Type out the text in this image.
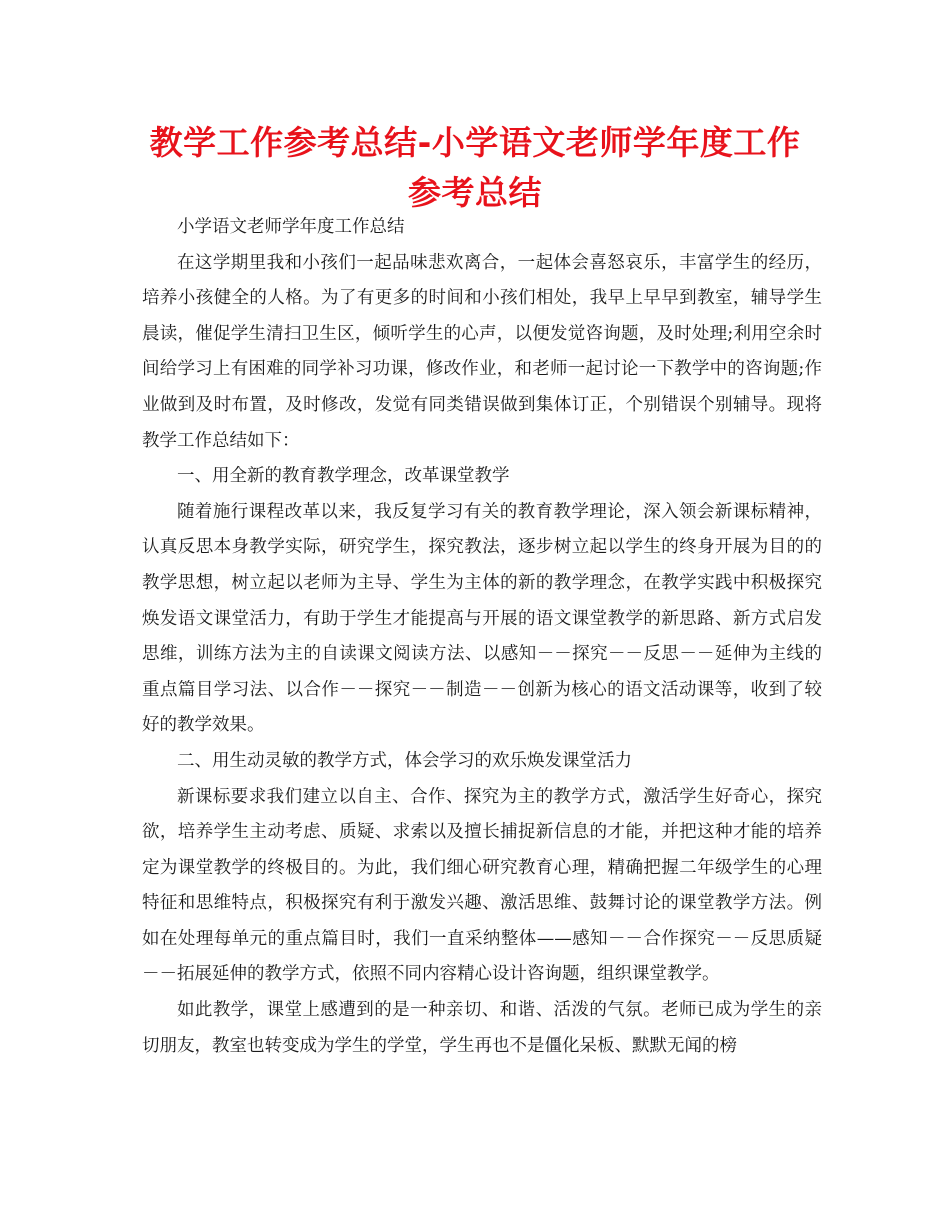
教学工作参考总结-小学语文老师学年度工作参考总结

小学语文老师学年度工作总结

在这学期里我和小孩们一起品味悲欢离合，一起体会喜怒哀乐，丰富学生的经历，培养小孩健全的人格。为了有更多的时间和小孩们相处，我早上早早到教室，辅导学生晨读，催促学生清扫卫生区，倾听学生的心声，以便发觉咨询题，及时处理;利用空余时间给学习上有困难的同学补习功课，修改作业，和老师一起讨论一下教学中的咨询题;作业做到及时布置，及时修改，发觉有同类错误做到集体订正，个别错误个别辅导。现将教学工作总结如下：

一、用全新的教育教学理念，改革课堂教学

随着施行课程改革以来，我反复学习有关的教育教学理论，深入领会新课标精神，认真反思本身教学实际，研究学生，探究教法，逐步树立起以学生的终身开展为目的的教学思想，树立起以老师为主导、学生为主体的新的教学理念，在教学实践中积极探究焕发语文课堂活力，有助于学生才能提高与开展的语文课堂教学的新思路、新方式启发思维，训练方法为主的自读课文阅读方法、以感知－－探究－－反思－－延伸为主线的重点篇目学习法、以合作－－探究－－制造－－创新为核心的语文活动课等，收到了较好的教学效果。

二、用生动灵敏的教学方式，体会学习的欢乐焕发课堂活力

新课标要求我们建立以自主、合作、探究为主的教学方式，激活学生好奇心，探究欲，培养学生主动考虑、质疑、求索以及擅长捕捉新信息的才能，并把这种才能的培养定为课堂教学的终极目的。为此，我们细心研究教育心理，精确把握二年级学生的心理特征和思维特点，积极探究有利于激发兴趣、激活思维、鼓舞讨论的课堂教学方法。例如在处理每单元的重点篇目时，我们一直采纳整体——感知－－合作探究－－反思质疑－－拓展延伸的教学方式，依照不同内容精心设计咨询题，组织课堂教学。

如此教学，课堂上感遭到的是一种亲切、和谐、活泼的气氛。老师已成为学生的亲切朋友，教室也转变成为学生的学堂，学生再也不是僵化呆板、默默无闻的榜
